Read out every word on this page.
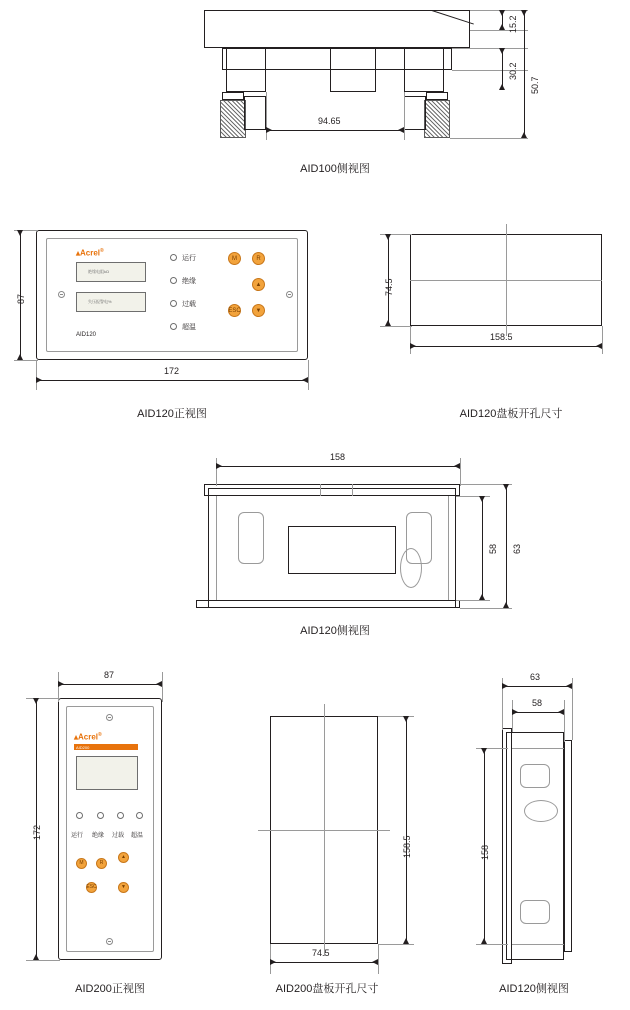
15.2
30.2
50.7
94.65
AID100侧视图
▴Acrel®
绝缘电阻kΩ
失压报警电%
AID120
运行
绝缘
过载
超温
M	R
▲
ESC	▼
87
172
AID120正视图
74.5
158.5
AID120盘板开孔尺寸
158
58 63
AID120侧视图
▴Acrel®
AID200
运行 绝缘 过载 超温
M	R
▲
ESC	▼
87
172
AID200正视图
158.5
74.5
AID200盘板开孔尺寸
63
58
158
AID120侧视图
